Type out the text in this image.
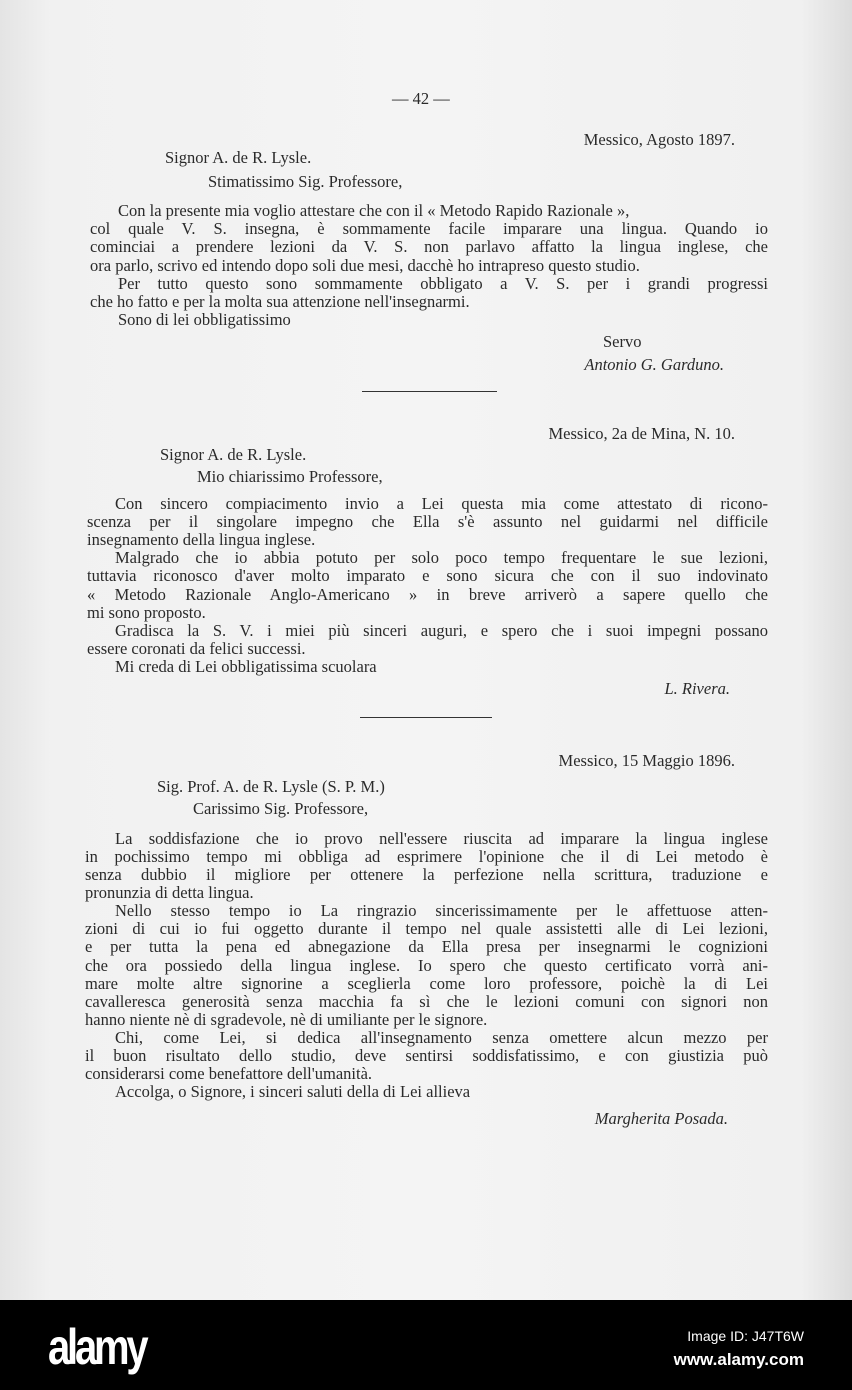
— 42 —
Messico, Agosto 1897.
Signor A. de R. Lysle.
Stimatissimo Sig. Professore,
Con la presente mia voglio attestare che con il « Metodo Rapido Razionale »,
col quale V. S. insegna, è sommamente facile imparare una lingua. Quando io
cominciai a prendere lezioni da V. S. non parlavo affatto la lingua inglese, che
ora parlo, scrivo ed intendo dopo soli due mesi, dacchè ho intrapreso questo studio.
Per tutto questo sono sommamente obbligato a V. S. per i grandi progressi
che ho fatto e per la molta sua attenzione nell'insegnarmi.
Sono di lei obbligatissimo
Servo
Antonio G. Garduno.
Messico, 2a de Mina, N. 10.
Signor A. de R. Lysle.
Mio chiarissimo Professore,
Con sincero compiacimento invio a Lei questa mia come attestato di ricono-
scenza per il singolare impegno che Ella s'è assunto nel guidarmi nel difficile
insegnamento della lingua inglese.
Malgrado che io abbia potuto per solo poco tempo frequentare le sue lezioni,
tuttavia riconosco d'aver molto imparato e sono sicura che con il suo indovinato
« Metodo Razionale Anglo-Americano » in breve arriverò a sapere quello che
mi sono proposto.
Gradisca la S. V. i miei più sinceri auguri, e spero che i suoi impegni possano
essere coronati da felici successi.
Mi creda di Lei obbligatissima scuolara
L. Rivera.
Messico, 15 Maggio 1896.
Sig. Prof. A. de R. Lysle (S. P. M.)
Carissimo Sig. Professore,
La soddisfazione che io provo nell'essere riuscita ad imparare la lingua inglese
in pochissimo tempo mi obbliga ad esprimere l'opinione che il di Lei metodo è
senza dubbio il migliore per ottenere la perfezione nella scrittura, traduzione e
pronunzia di detta lingua.
Nello stesso tempo io La ringrazio sincerissimamente per le affettuose atten-
zioni di cui io fui oggetto durante il tempo nel quale assistetti alle di Lei lezioni,
e per tutta la pena ed abnegazione da Ella presa per insegnarmi le cognizioni
che ora possiedo della lingua inglese. Io spero che questo certificato vorrà ani-
mare molte altre signorine a sceglierla come loro professore, poichè la di Lei
cavalleresca generosità senza macchia fa sì che le lezioni comuni con signori non
hanno niente nè di sgradevole, nè di umiliante per le signore.
Chi, come Lei, si dedica all'insegnamento senza omettere alcun mezzo per
il buon risultato dello studio, deve sentirsi soddisfatissimo, e con giustizia può
considerarsi come benefattore dell'umanità.
Accolga, o Signore, i sinceri saluti della di Lei allieva
Margherita Posada.
alamy	Image ID: J47T6W
www.alamy.com
